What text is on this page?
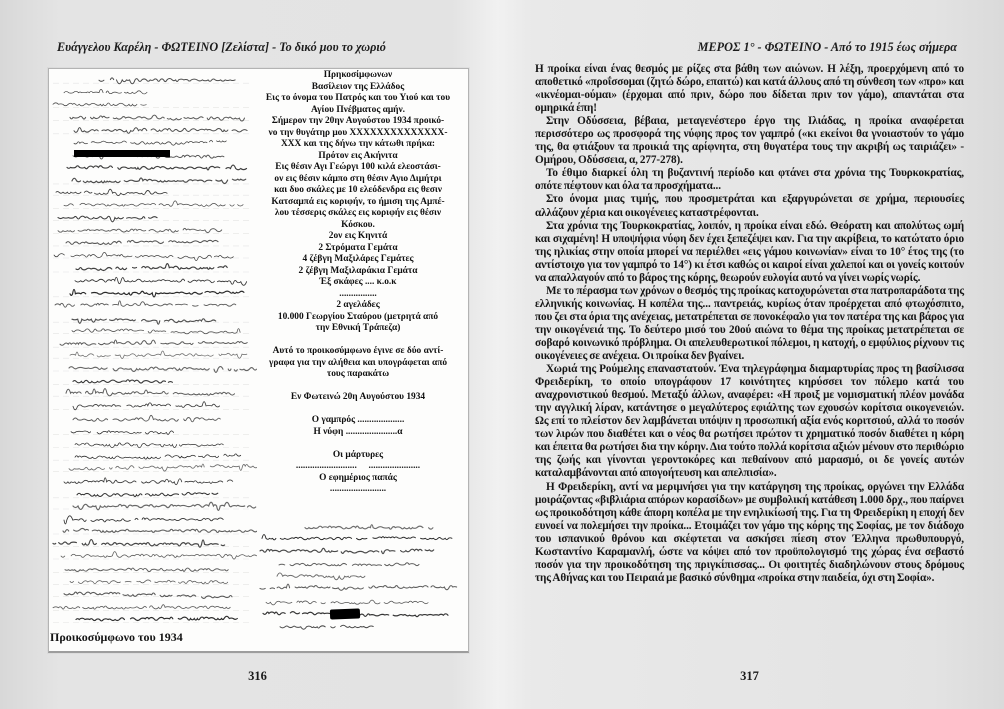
Ευάγγελου Καρέλη - ΦΩΤΕΙΝΟ [Ζελίστα] - Το δικό μου το χωριό	ΜΕΡΟΣ 1° - ΦΩΤΕΙΝΟ - Από το 1915 έως σήμερα
Πρηκοσίμφωνων
Βασίλειον της Ελλάδος
Εις το όνομα του Πατρός και του Υιού και του
Αγίου Πνέβματος αμήν.
Σήμερον την 20ην Αυγούστου 1934 προικό-
νο την θυγάτηρ μου XXXXXXXXXXXXXX-
XXX και της δήνω την κάτωθι πρήκα:
Πρότον εις Ακήνιτα
Εις θέσιν Αγι Γεώργι 100 κιλά ελεοστάσι-
ον εις θέσιν κάμπο στη θέσιν Αγιο Διμήτρι
και δυο σκάλες με 10 ελεόδενδρα εις θεσιν
Κατσαμπά εις κοριφήν, το ήμιση της Αμπέ-
λου τέσσερις σκάλες εις κοριφήν εις θέσιν
Κόσκου.
2ον εις Κηνιτά
2 Στρόματα Γεμάτα
4 ζέβγη Μαξιλάρες Γεμάτες
2 ζέβγη Μαξιλαράκια Γεμάτα
Έξ σκάφες .... κ.ο.κ
................
2 αγελάδες
10.000 Γεωργίου Σταύρου (μετρητά από
την Εθνική Τράπεζα)

Αυτό το προικοσύμφωνο έγινε σε δύο αντί-
γραφα για την αλήθεια και υπογράφεται από
τους παρακάτω

Εν Φωτεινώ 20η Αυγούστου 1934

Ο γαμπρός ....................
Η νύφη ......................α

Οι μάρτυρες
..........................     ......................
Ο εφημέριος παπάς
........................
Προικοσύμφωνο του 1934
316
Η προίκα είναι ένας θεσμός με ρίζες στα βάθη των αιώνων. Η λέξη, προερχόμενη από το αποθετικό «προΐσσομαι (ζητώ δώρο, επαιτώ) και κατά άλλους από τη σύνθεση των «προ» και «ικνέομαι-ούμαι» (έρχομαι από πριν, δώρο που δίδεται πριν τον γάμο), απαντάται στα ομηρικά έπη!
Στην Οδύσσεια, βέβαια, μεταγενέστερο έργο της Ιλιάδας, η προίκα αναφέρεται περισσότερο ως προσφορά της νύφης προς τον γαμπρό («κι εκείνοι θα γνοιαστούν το γάμο της, θα φτιάξουν τα προικιά της αρίφνητα, στη θυγατέρα τους την ακριβή ως ταιριάζει» - Ομήρου, Οδύσσεια, α, 277-278).
Το έθιμο διαρκεί όλη τη βυζαντινή περίοδο και φτάνει στα χρόνια της Τουρκοκρατίας, οπότε πέφτουν και όλα τα προσχήματα...
Στο όνομα μιας τιμής, που προσμετράται και εξαργυρώνεται σε χρήμα, περιουσίες αλλάζουν χέρια και οικογένειες καταστρέφονται.
Στα χρόνια της Τουρκοκρατίας, λοιπόν, η προίκα είναι εδώ. Θεόρατη και απολύτως ωμή και σιχαμένη! Η υποψήφια νύφη δεν έχει ξεπεζέψει καν. Για την ακρίβεια, το κατώτατο όριο της ηλικίας στην οποία μπορεί να περιέλθει «εις γάμου κοινωνίαν» είναι το 10° έτος της (το αντίστοιχο για τον γαμπρό το 14°) κι έτσι καθώς οι καιροί είναι χαλεποί και οι γονείς κοιτούν να απαλλαγούν από το βάρος της κόρης, θεωρούν ευλογία αυτό να γίνει νωρίς νωρίς.
Με το πέρασμα των χρόνων ο θεσμός της προίκας κατοχυρώνεται στα πατροπαράδοτα της ελληνικής κοινωνίας. Η κοπέλα της... παντρειάς, κυρίως όταν προέρχεται από φτωχόσπιτο, που ζει στα όρια της ανέχειας, μετατρέπεται σε πονοκέφαλο για τον πατέρα της και βάρος για την οικογένειά της. Το δεύτερο μισό του 20ού αιώνα το θέμα της προίκας μετατρέπεται σε σοβαρό κοινωνικό πρόβλημα. Οι απελευθερωτικοί πόλεμοι, η κατοχή, ο εμφύλιος ρίχνουν τις οικογένειες σε ανέχεια. Οι προίκα δεν βγαίνει.
Χωριά της Ρούμελης επαναστατούν. Ένα τηλεγράφημα διαμαρτυρίας προς τη βασίλισσα Φρειδερίκη, το οποίο υπογράφουν 17 κοινότητες κηρύσσει τον πόλεμο κατά του αναχρονιστικού θεσμού. Μεταξύ άλλων, αναφέρει: «Η προιξ με νομισματική πλέον μονάδα την αγγλική λίραν, κατάντησε ο μεγαλύτερος εφιάλτης των εχουσών κορίτσια οικογενειών. Ως επί το πλείστον δεν λαμβάνεται υπόψιν η προσωπική αξία ενός κοριτσιού, αλλά το ποσόν των λιρών που διαθέτει και ο νέος θα ρωτήσει πρώτον τι χρηματικό ποσόν διαθέτει η κόρη και έπειτα θα ρωτήσει δια την κόρην. Δια τούτο πολλά κορίτσια αξιών μένουν στο περιθώριο της ζωής και γίνονται γεροντοκόρες και πεθαίνουν από μαρασμό, οι δε γονείς αυτών καταλαμβάνονται από απογοήτευση και απελπισία».
Η Φρειδερίκη, αντί να μεριμνήσει για την κατάργηση της προίκας, οργώνει την Ελλάδα μοιράζοντας «βιβλιάρια απόρων κορασίδων» με συμβολική κατάθεση 1.000 δρχ., που παίρνει ως προικοδότηση κάθε άπορη κοπέλα με την ενηλικίωσή της. Για τη Φρειδερίκη η εποχή δεν ευνοεί να πολεμήσει την προίκα... Ετοιμάζει τον γάμο της κόρης της Σοφίας, με τον διάδοχο του ισπανικού θρόνου και σκέφτεται να ασκήσει πίεση στον Έλληνα πρωθυπουργό, Κωσταντίνο Καραμανλή, ώστε να κόψει από τον προϋπολογισμό της χώρας ένα σεβαστό ποσόν για την προικοδότηση της πριγκίπισσας... Οι φοιτητές διαδηλώνουν στους δρόμους της Αθήνας και του Πειραιά με βασικό σύνθημα «προίκα στην παιδεία, όχι στη Σοφία».
317
